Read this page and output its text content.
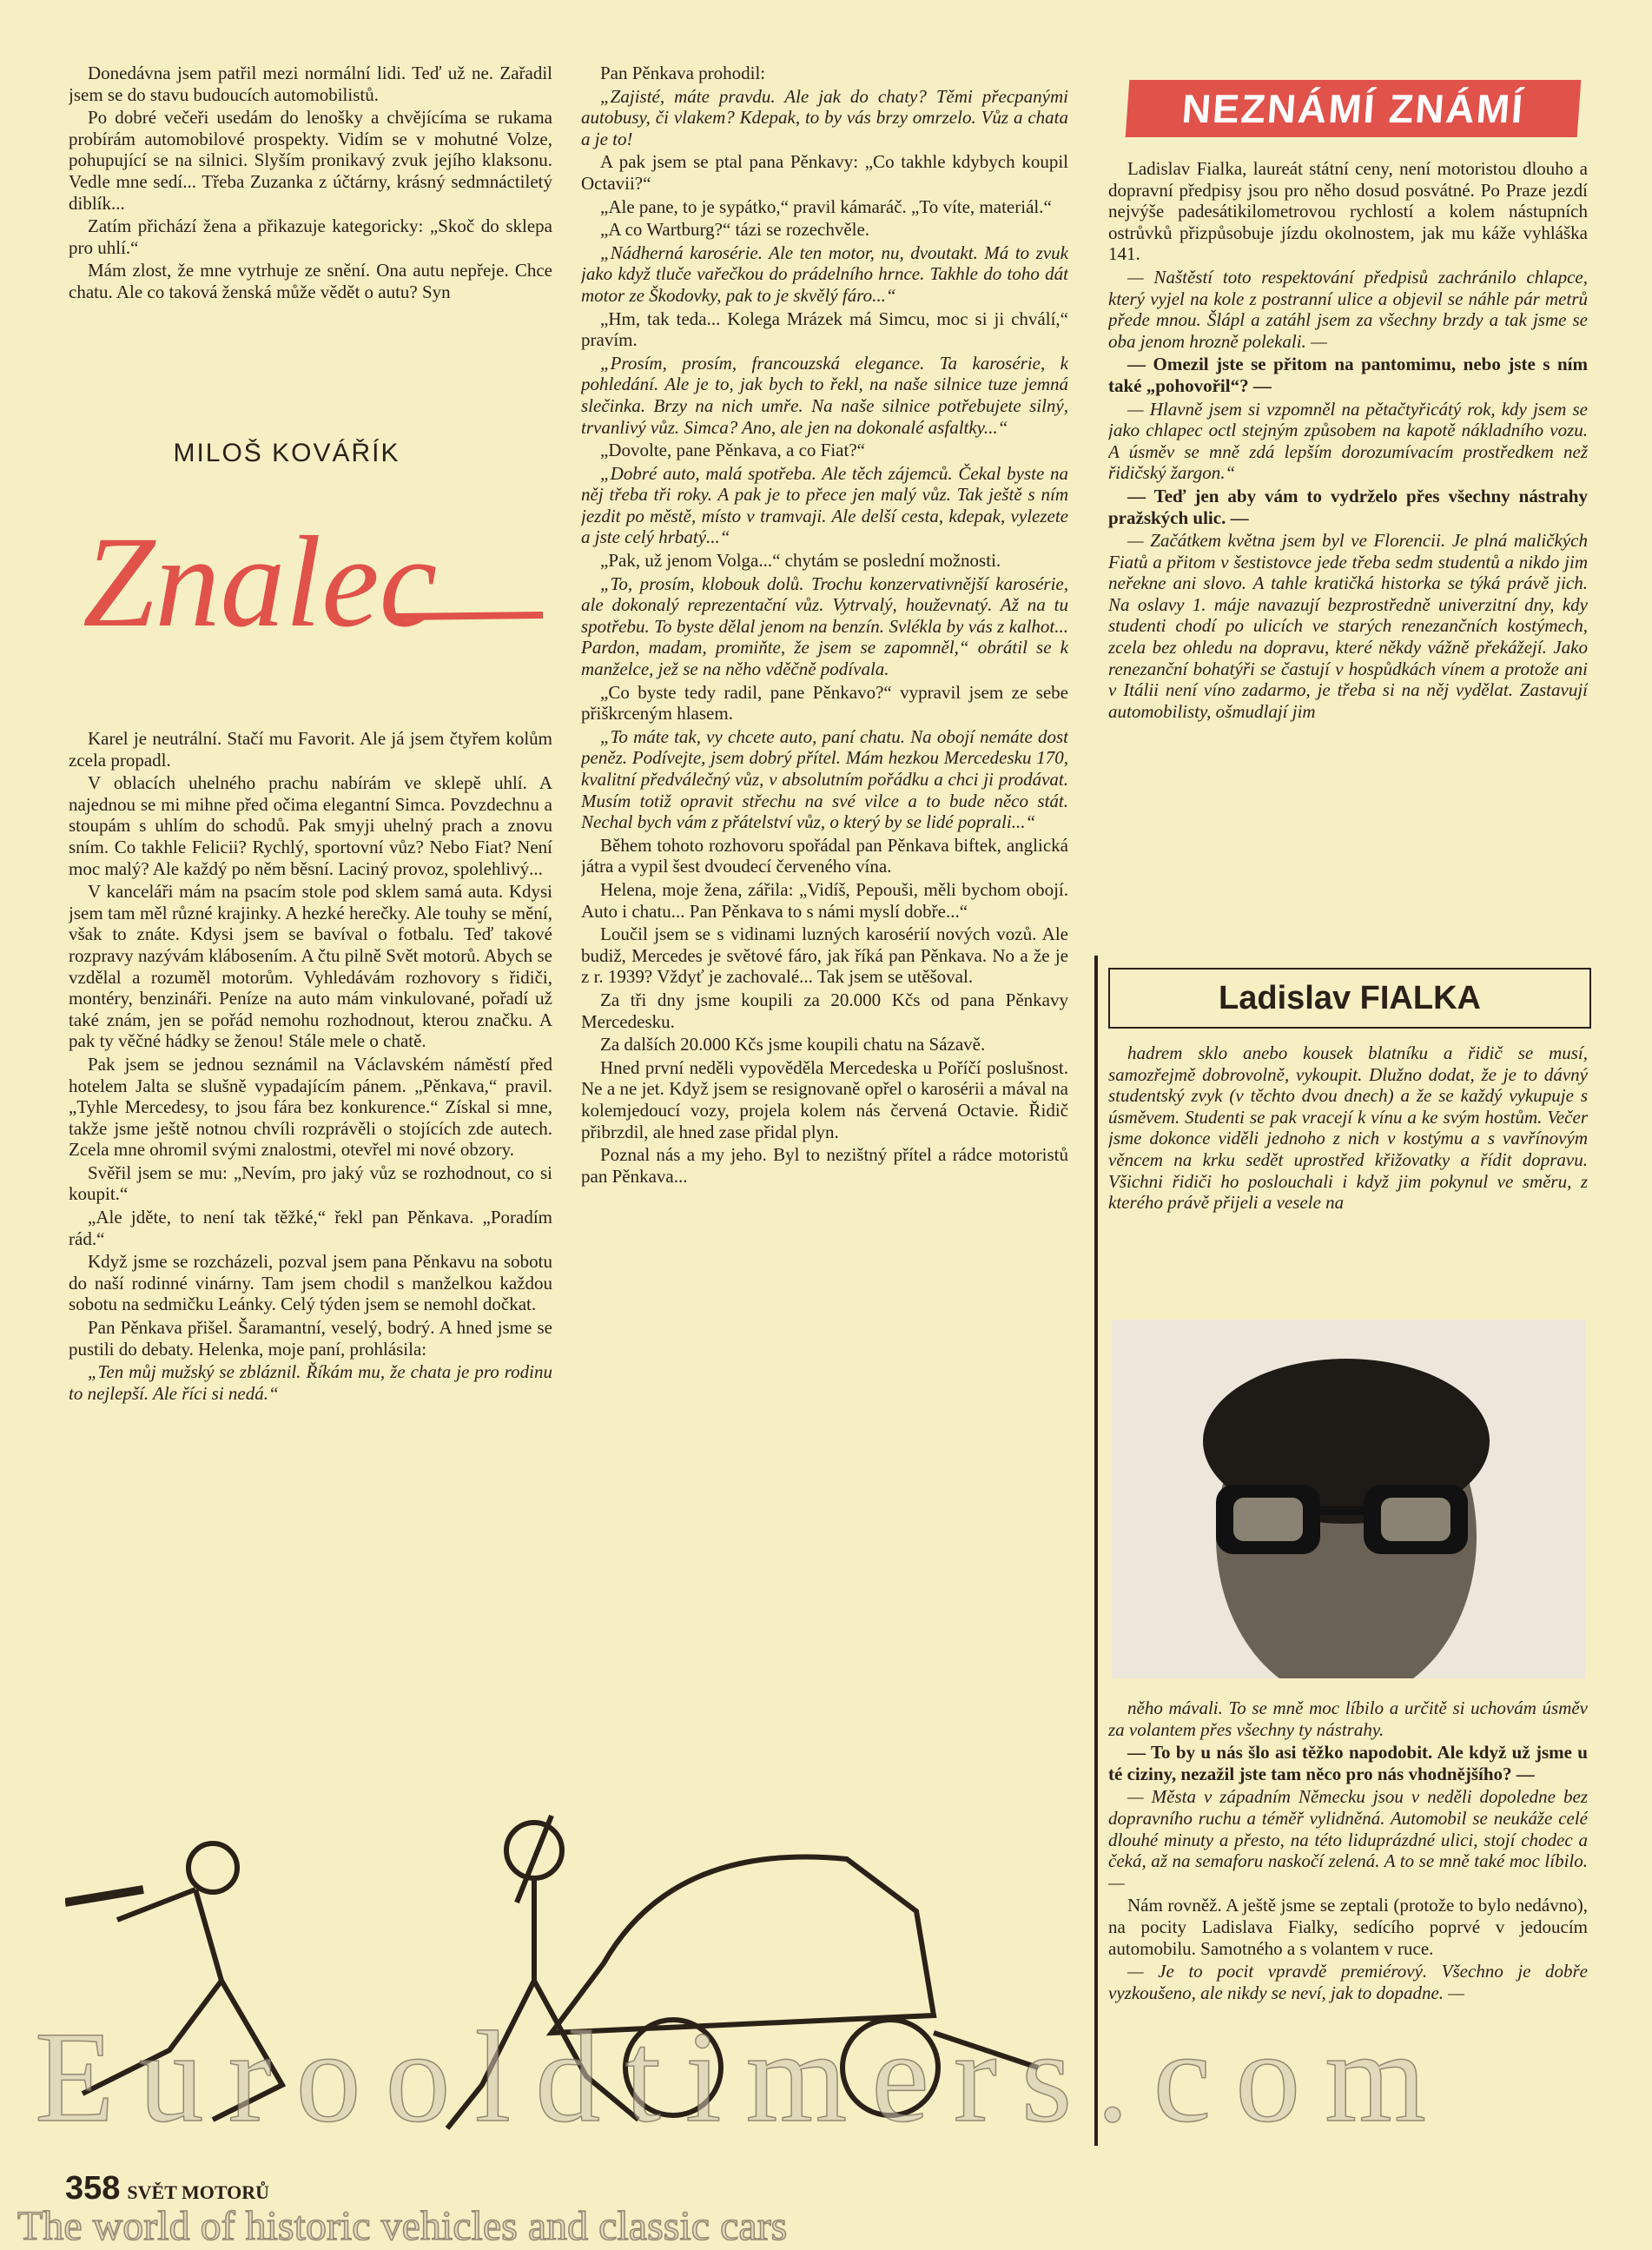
Donedávna jsem patřil mezi normální lidi. Teď už ne. Zařadil jsem se do stavu budoucích automobilistů.

Po dobré večeři usedám do lenošky a chvějícíma se rukama probírám automobilové prospekty. Vidím se v mohutné Volze, pohupující se na silnici. Slyším pronikavý zvuk jejího klaksonu. Vedle mne sedí... Třeba Zuzanka z účtárny, krásný sedmnáctiletý diblík...

Zatím přichází žena a přikazuje kategoricky: „Skoč do sklepa pro uhlí.“

Mám zlost, že mne vytrhuje ze snění. Ona autu nepřeje. Chce chatu. Ale co taková ženská může vědět o autu? Syn

MILOŠ KOVÁŘÍK
Znalec

Karel je neutrální. Stačí mu Favorit. Ale já jsem čtyřem kolům zcela propadl.

V oblacích uhelného prachu nabírám ve sklepě uhlí. A najednou se mi mihne před očima elegantní Simca. Povzdechnu a stoupám s uhlím do schodů. Pak smyji uhelný prach a znovu sním. Co takhle Felicii? Rychlý, sportovní vůz? Nebo Fiat? Není moc malý? Ale každý po něm běsní. Laciný provoz, spolehlivý...

V kanceláři mám na psacím stole pod sklem samá auta. Kdysi jsem tam měl různé krajinky. A hezké herečky. Ale touhy se mění, však to znáte. Kdysi jsem se bavíval o fotbalu. Teď takové rozpravy nazývám klábosením. A čtu pilně Svět motorů. Abych se vzdělal a rozuměl motorům. Vyhledávám rozhovory s řidiči, montéry, benzináři. Peníze na auto mám vinkulované, pořadí už také znám, jen se pořád nemohu rozhodnout, kterou značku. A pak ty věčné hádky se ženou! Stále mele o chatě.

Pak jsem se jednou seznámil na Václavském náměstí před hotelem Jalta se slušně vypadajícím pánem. „Pěnkava,“ pravil. „Tyhle Mercedesy, to jsou fára bez konkurence.“ Získal si mne, takže jsme ještě notnou chvíli rozprávěli o stojících zde autech. Zcela mne ohromil svými znalostmi, otevřel mi nové obzory.

Svěřil jsem se mu: „Nevím, pro jaký vůz se rozhodnout, co si koupit.“

„Ale jděte, to není tak těžké,“ řekl pan Pěnkava. „Poradím rád.“

Když jsme se rozcházeli, pozval jsem pana Pěnkavu na sobotu do naší rodinné vinárny. Tam jsem chodil s manželkou každou sobotu na sedmičku Leánky. Celý týden jsem se nemohl dočkat.

Pan Pěnkava přišel. Šaramantní, veselý, bodrý. A hned jsme se pustili do debaty. Helenka, moje paní, prohlásila:

„Ten můj mužský se zbláznil. Říkám mu, že chata je pro rodinu to nejlepší. Ale říci si nedá.“

Pan Pěnkava prohodil:

„Zajisté, máte pravdu. Ale jak do chaty? Těmi přecpanými autobusy, či vlakem? Kdepak, to by vás brzy omrzelo. Vůz a chata a je to!

A pak jsem se ptal pana Pěnkavy: „Co takhle kdybych koupil Octavii?“

„Ale pane, to je sypátko,“ pravil kámaráč. „To víte, materiál.“

„A co Wartburg?“ tázi se rozechvěle.

„Nádherná karosérie. Ale ten motor, nu, dvoutakt. Má to zvuk jako když tluče vařečkou do prádelního hrnce. Takhle do toho dát motor ze Škodovky, pak to je skvělý fáro...“

„Hm, tak teda... Kolega Mrázek má Simcu, moc si ji chválí,“ pravím.

„Prosím, prosím, francouzská elegance. Ta karosérie, k pohledání. Ale je to, jak bych to řekl, na naše silnice tuze jemná slečinka. Brzy na nich umře. Na naše silnice potřebujete silný, trvanlivý vůz. Simca? Ano, ale jen na dokonalé asfaltky...“

„Dovolte, pane Pěnkava, a co Fiat?“

„Dobré auto, malá spotřeba. Ale těch zájemců. Čekal byste na něj třeba tři roky. A pak je to přece jen malý vůz. Tak ještě s ním jezdit po městě, místo v tramvaji. Ale delší cesta, kdepak, vylezete a jste celý hrbatý...“

„Pak, už jenom Volga...“ chytám se poslední možnosti.

„To, prosím, klobouk dolů. Trochu konzervativnější karosérie, ale dokonalý reprezentační vůz. Vytrvalý, houževnatý. Až na tu spotřebu. To byste dělal jenom na benzín. Svlékla by vás z kalhot... Pardon, madam, promiňte, že jsem se zapomněl,“ obrátil se k manželce, jež se na něho vděčně podívala.

„Co byste tedy radil, pane Pěnkavo?“ vypravil jsem ze sebe přiškrceným hlasem.

„To máte tak, vy chcete auto, paní chatu. Na obojí nemáte dost peněz. Podívejte, jsem dobrý přítel. Mám hezkou Mercedesku 170, kvalitní předválečný vůz, v absolutním pořádku a chci ji prodávat. Musím totiž opravit střechu na své vilce a to bude něco stát. Nechal bych vám z přátelství vůz, o který by se lidé poprali...“

Během tohoto rozhovoru spořádal pan Pěnkava biftek, anglická játra a vypil šest dvoudecí červeného vína.

Helena, moje žena, zářila: „Vidíš, Pepouši, měli bychom obojí. Auto i chatu... Pan Pěnkava to s námi myslí dobře...“

Loučil jsem se s vidinami luzných karosérií nových vozů. Ale budiž, Mercedes je světové fáro, jak říká pan Pěnkava. No a že je z r. 1939? Vždyť je zachovalé... Tak jsem se utěšoval.

Za tři dny jsme koupili za 20.000 Kčs od pana Pěnkavy Mercedesku.

Za dalších 20.000 Kčs jsme koupili chatu na Sázavě.

Hned první neděli vypověděla Mercedeska u Poříčí poslušnost. Ne a ne jet. Když jsem se resignovaně opřel o karosérii a mával na kolemjedoucí vozy, projela kolem nás červená Octavie. Řidič přibrzdil, ale hned zase přidal plyn.

Poznal nás a my jeho. Byl to nezištný přítel a rádce motoristů pan Pěnkava...

NEZNÁMÍ ZNÁMÍ

Ladislav Fialka, laureát státní ceny, není motoristou dlouho a dopravní předpisy jsou pro něho dosud posvátné. Po Praze jezdí nejvýše padesátikilometrovou rychlostí a kolem nástupních ostrůvků přizpůsobuje jízdu okolnostem, jak mu káže vyhláška 141.

— Naštěstí toto respektování předpisů zachránilo chlapce, který vyjel na kole z postranní ulice a objevil se náhle pár metrů přede mnou. Šlápl a zatáhl jsem za všechny brzdy a tak jsme se oba jenom hrozně polekali. —

— Omezil jste se přitom na pantomimu, nebo jste s ním také „pohovořil“? —

— Hlavně jsem si vzpomněl na pětačtyřicátý rok, kdy jsem se jako chlapec octl stejným způsobem na kapotě nákladního vozu. A úsměv se mně zdá lepším dorozumívacím prostředkem než řidičský žargon.“

— Teď jen aby vám to vydrželo přes všechny nástrahy pražských ulic. —

— Začátkem května jsem byl ve Florencii. Je plná maličkých Fiatů a přitom v šestistovce jede třeba sedm studentů a nikdo jim neřekne ani slovo. A tahle kratičká historka se týká právě jich. Na oslavy 1. máje navazují bezprostředně univerzitní dny, kdy studenti chodí po ulicích ve starých renezančních kostýmech, zcela bez ohledu na dopravu, které někdy vážně překážejí. Jako renezanční bohatýři se častují v hospůdkách vínem a protože ani v Itálii není víno zadarmo, je třeba si na něj vydělat. Zastavují automobilisty, ošmudlají jim

Ladislav FIALKA

hadrem sklo anebo kousek blatníku a řidič se musí, samozřejmě dobrovolně, vykoupit. Dlužno dodat, že je to dávný studentský zvyk (v těchto dvou dnech) a že se každý vykupuje s úsměvem. Studenti se pak vracejí k vínu a ke svým hostům. Večer jsme dokonce viděli jednoho z nich v kostýmu a s vavřínovým věncem na krku sedět uprostřed křižovatky a řídit dopravu. Všichni řidiči ho poslouchali i když jim pokynul ve směru, z kterého právě přijeli a vesele na

něho mávali. To se mně moc líbilo a určitě si uchovám úsměv za volantem přes všechny ty nástrahy.

— To by u nás šlo asi těžko napodobit. Ale když už jsme u té ciziny, nezažil jste tam něco pro nás vhodnějšího? —

— Města v západním Německu jsou v neděli dopoledne bez dopravního ruchu a téměř vylidněná. Automobil se neukáže celé dlouhé minuty a přesto, na této liduprázdné ulici, stojí chodec a čeká, až na semaforu naskočí zelená. A to se mně také moc líbilo. —

Nám rovněž. A ještě jsme se zeptali (protože to bylo nedávno), na pocity Ladislava Fialky, sedícího poprvé v jedoucím automobilu. Samotného a s volantem v ruce.

— Je to pocit vpravdě premiérový. Všechno je dobře vyzkoušeno, ale nikdy se neví, jak to dopadne. —

358 SVĚT MOTORŮ
Eurooldtimers.com
The world of historic vehicles and classic cars
